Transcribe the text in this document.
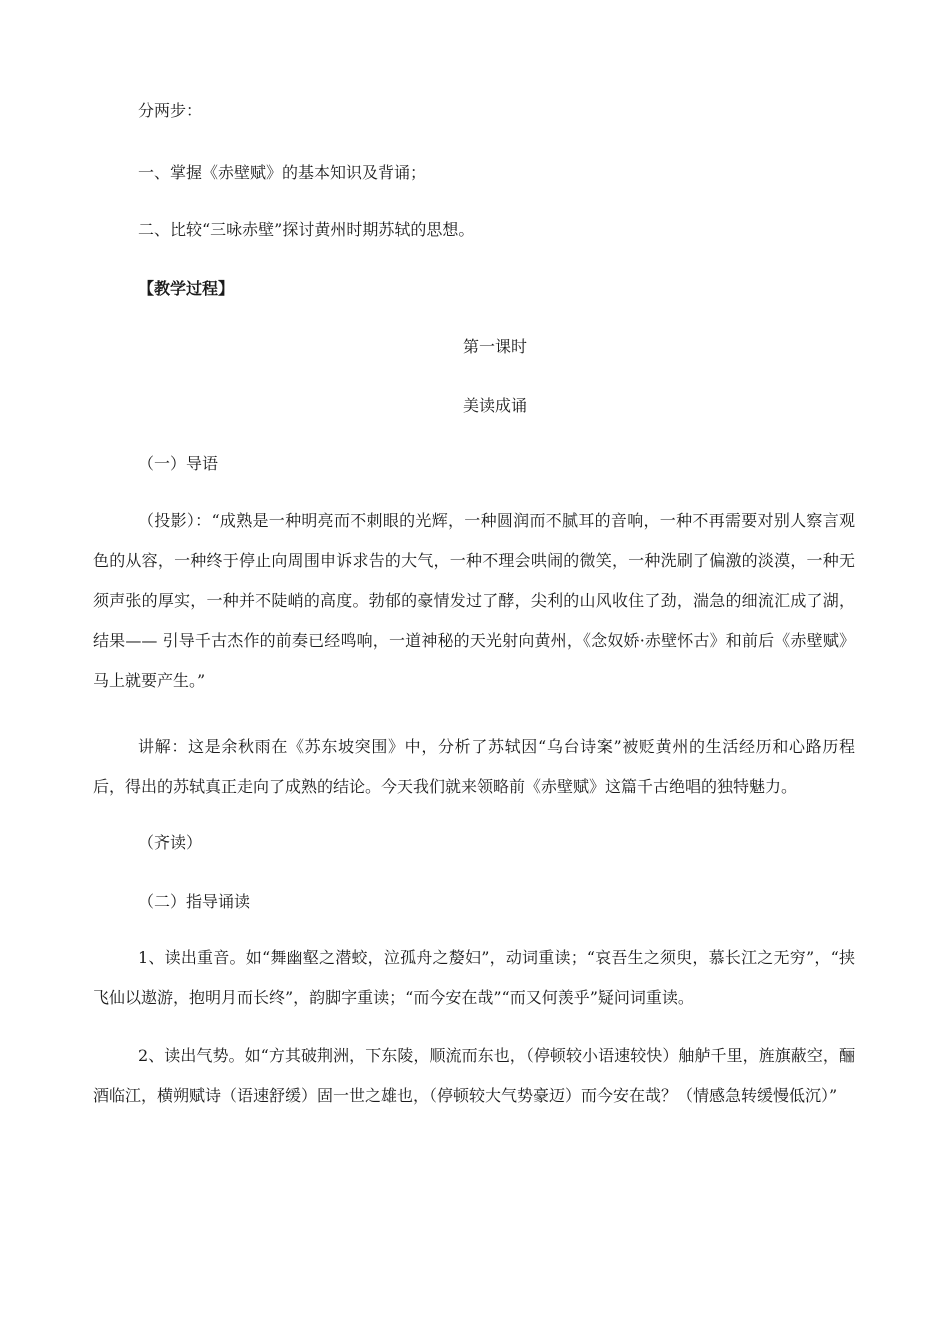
分两步：

一、掌握《赤壁赋》的基本知识及背诵；

二、比较“三咏赤壁”探讨黄州时期苏轼的思想。

【教学过程】

第一课时

美读成诵

（一）导语

（投影）：“成熟是一种明亮而不刺眼的光辉，一种圆润而不腻耳的音响，一种不再需要对别人察言观色的从容，一种终于停止向周围申诉求告的大气，一种不理会哄闹的微笑，一种洗刷了偏激的淡漠，一种无须声张的厚实，一种并不陡峭的高度。勃郁的豪情发过了酵，尖利的山风收住了劲，湍急的细流汇成了湖，结果—— 引导千古杰作的前奏已经鸣响，一道神秘的天光射向黄州，《念奴娇·赤壁怀古》和前后《赤壁赋》马上就要产生。”

讲解：这是余秋雨在《苏东坡突围》中，分析了苏轼因“乌台诗案”被贬黄州的生活经历和心路历程后，得出的苏轼真正走向了成熟的结论。今天我们就来领略前《赤壁赋》这篇千古绝唱的独特魅力。

（齐读）

（二）指导诵读

1、读出重音。如“舞幽壑之潜蛟，泣孤舟之嫠妇”，动词重读；“哀吾生之须臾，慕长江之无穷”，“挟飞仙以遨游，抱明月而长终”，韵脚字重读；“而今安在哉”“而又何羡乎”疑问词重读。

2、读出气势。如“方其破荆洲，下东陵，顺流而东也，（停顿较小语速较快）舳舻千里，旌旗蔽空，酾酒临江，横朔赋诗（语速舒缓）固一世之雄也，（停顿较大气势豪迈）而今安在哉？（情感急转缓慢低沉）”
